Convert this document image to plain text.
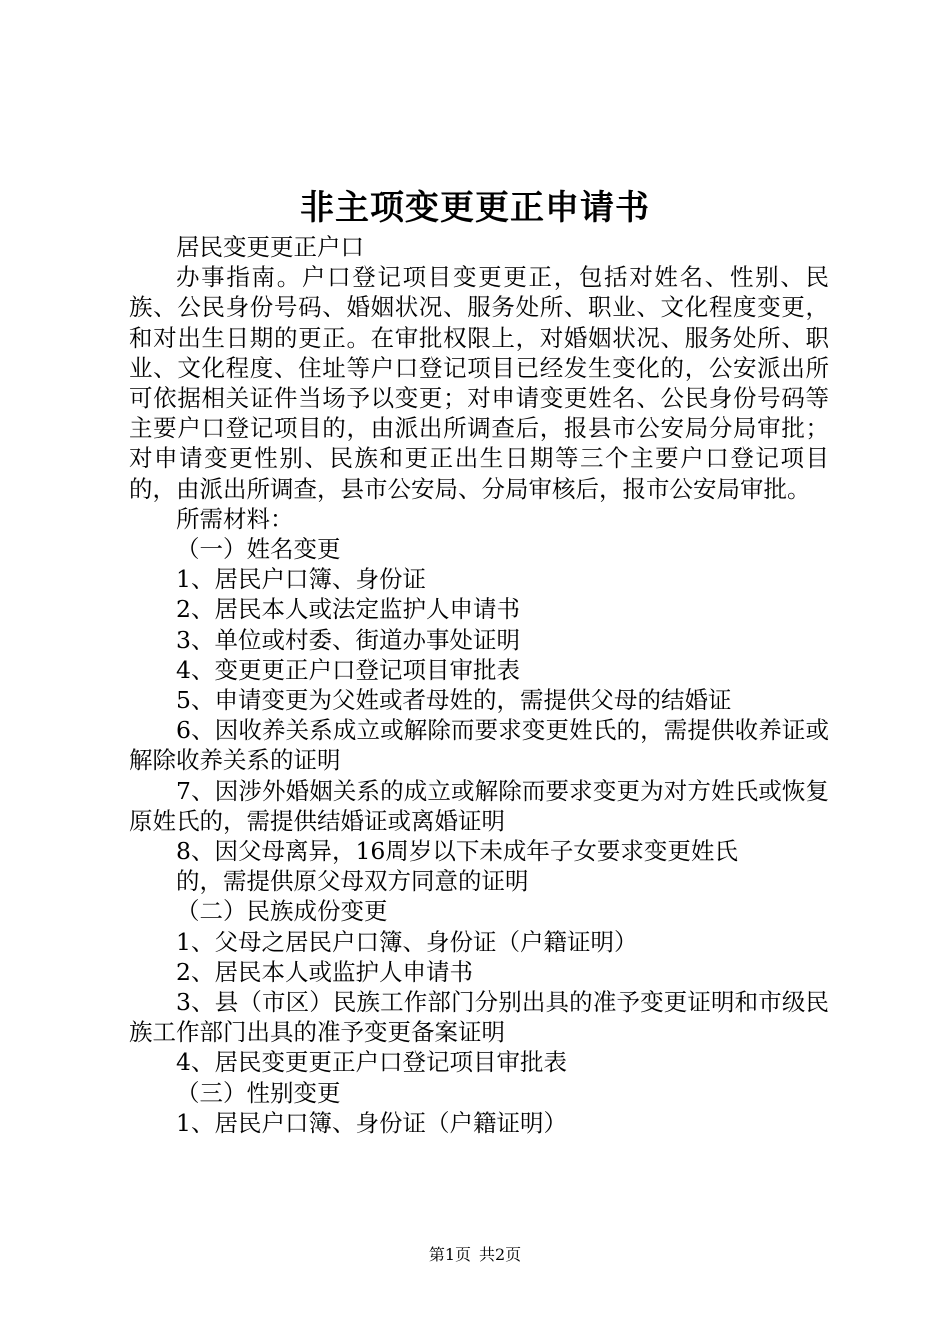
非主项变更更正申请书

居民变更更正户口

办事指南。户口登记项目变更更正，包括对姓名、性别、民族、公民身份号码、婚姻状况、服务处所、职业、文化程度变更，和对出生日期的更正。在审批权限上，对婚姻状况、服务处所、职业、文化程度、住址等户口登记项目已经发生变化的，公安派出所可依据相关证件当场予以变更；对申请变更姓名、公民身份号码等主要户口登记项目的，由派出所调查后，报县市公安局分局审批；对申请变更性别、民族和更正出生日期等三个主要户口登记项目的，由派出所调查，县市公安局、分局审核后，报市公安局审批。

所需材料：

（一）姓名变更

1、居民户口簿、身份证

2、居民本人或法定监护人申请书

3、单位或村委、街道办事处证明

4、变更更正户口登记项目审批表

5、申请变更为父姓或者母姓的，需提供父母的结婚证

6、因收养关系成立或解除而要求变更姓氏的，需提供收养证或解除收养关系的证明

7、因涉外婚姻关系的成立或解除而要求变更为对方姓氏或恢复原姓氏的，需提供结婚证或离婚证明

8、因父母离异，16周岁以下未成年子女要求变更姓氏

的，需提供原父母双方同意的证明

（二）民族成份变更

1、父母之居民户口簿、身份证（户籍证明）

2、居民本人或监护人申请书

3、县（市区）民族工作部门分别出具的准予变更证明和市级民族工作部门出具的准予变更备案证明

4、居民变更更正户口登记项目审批表

（三）性别变更

1、居民户口簿、身份证（户籍证明）

第1页 共2页
